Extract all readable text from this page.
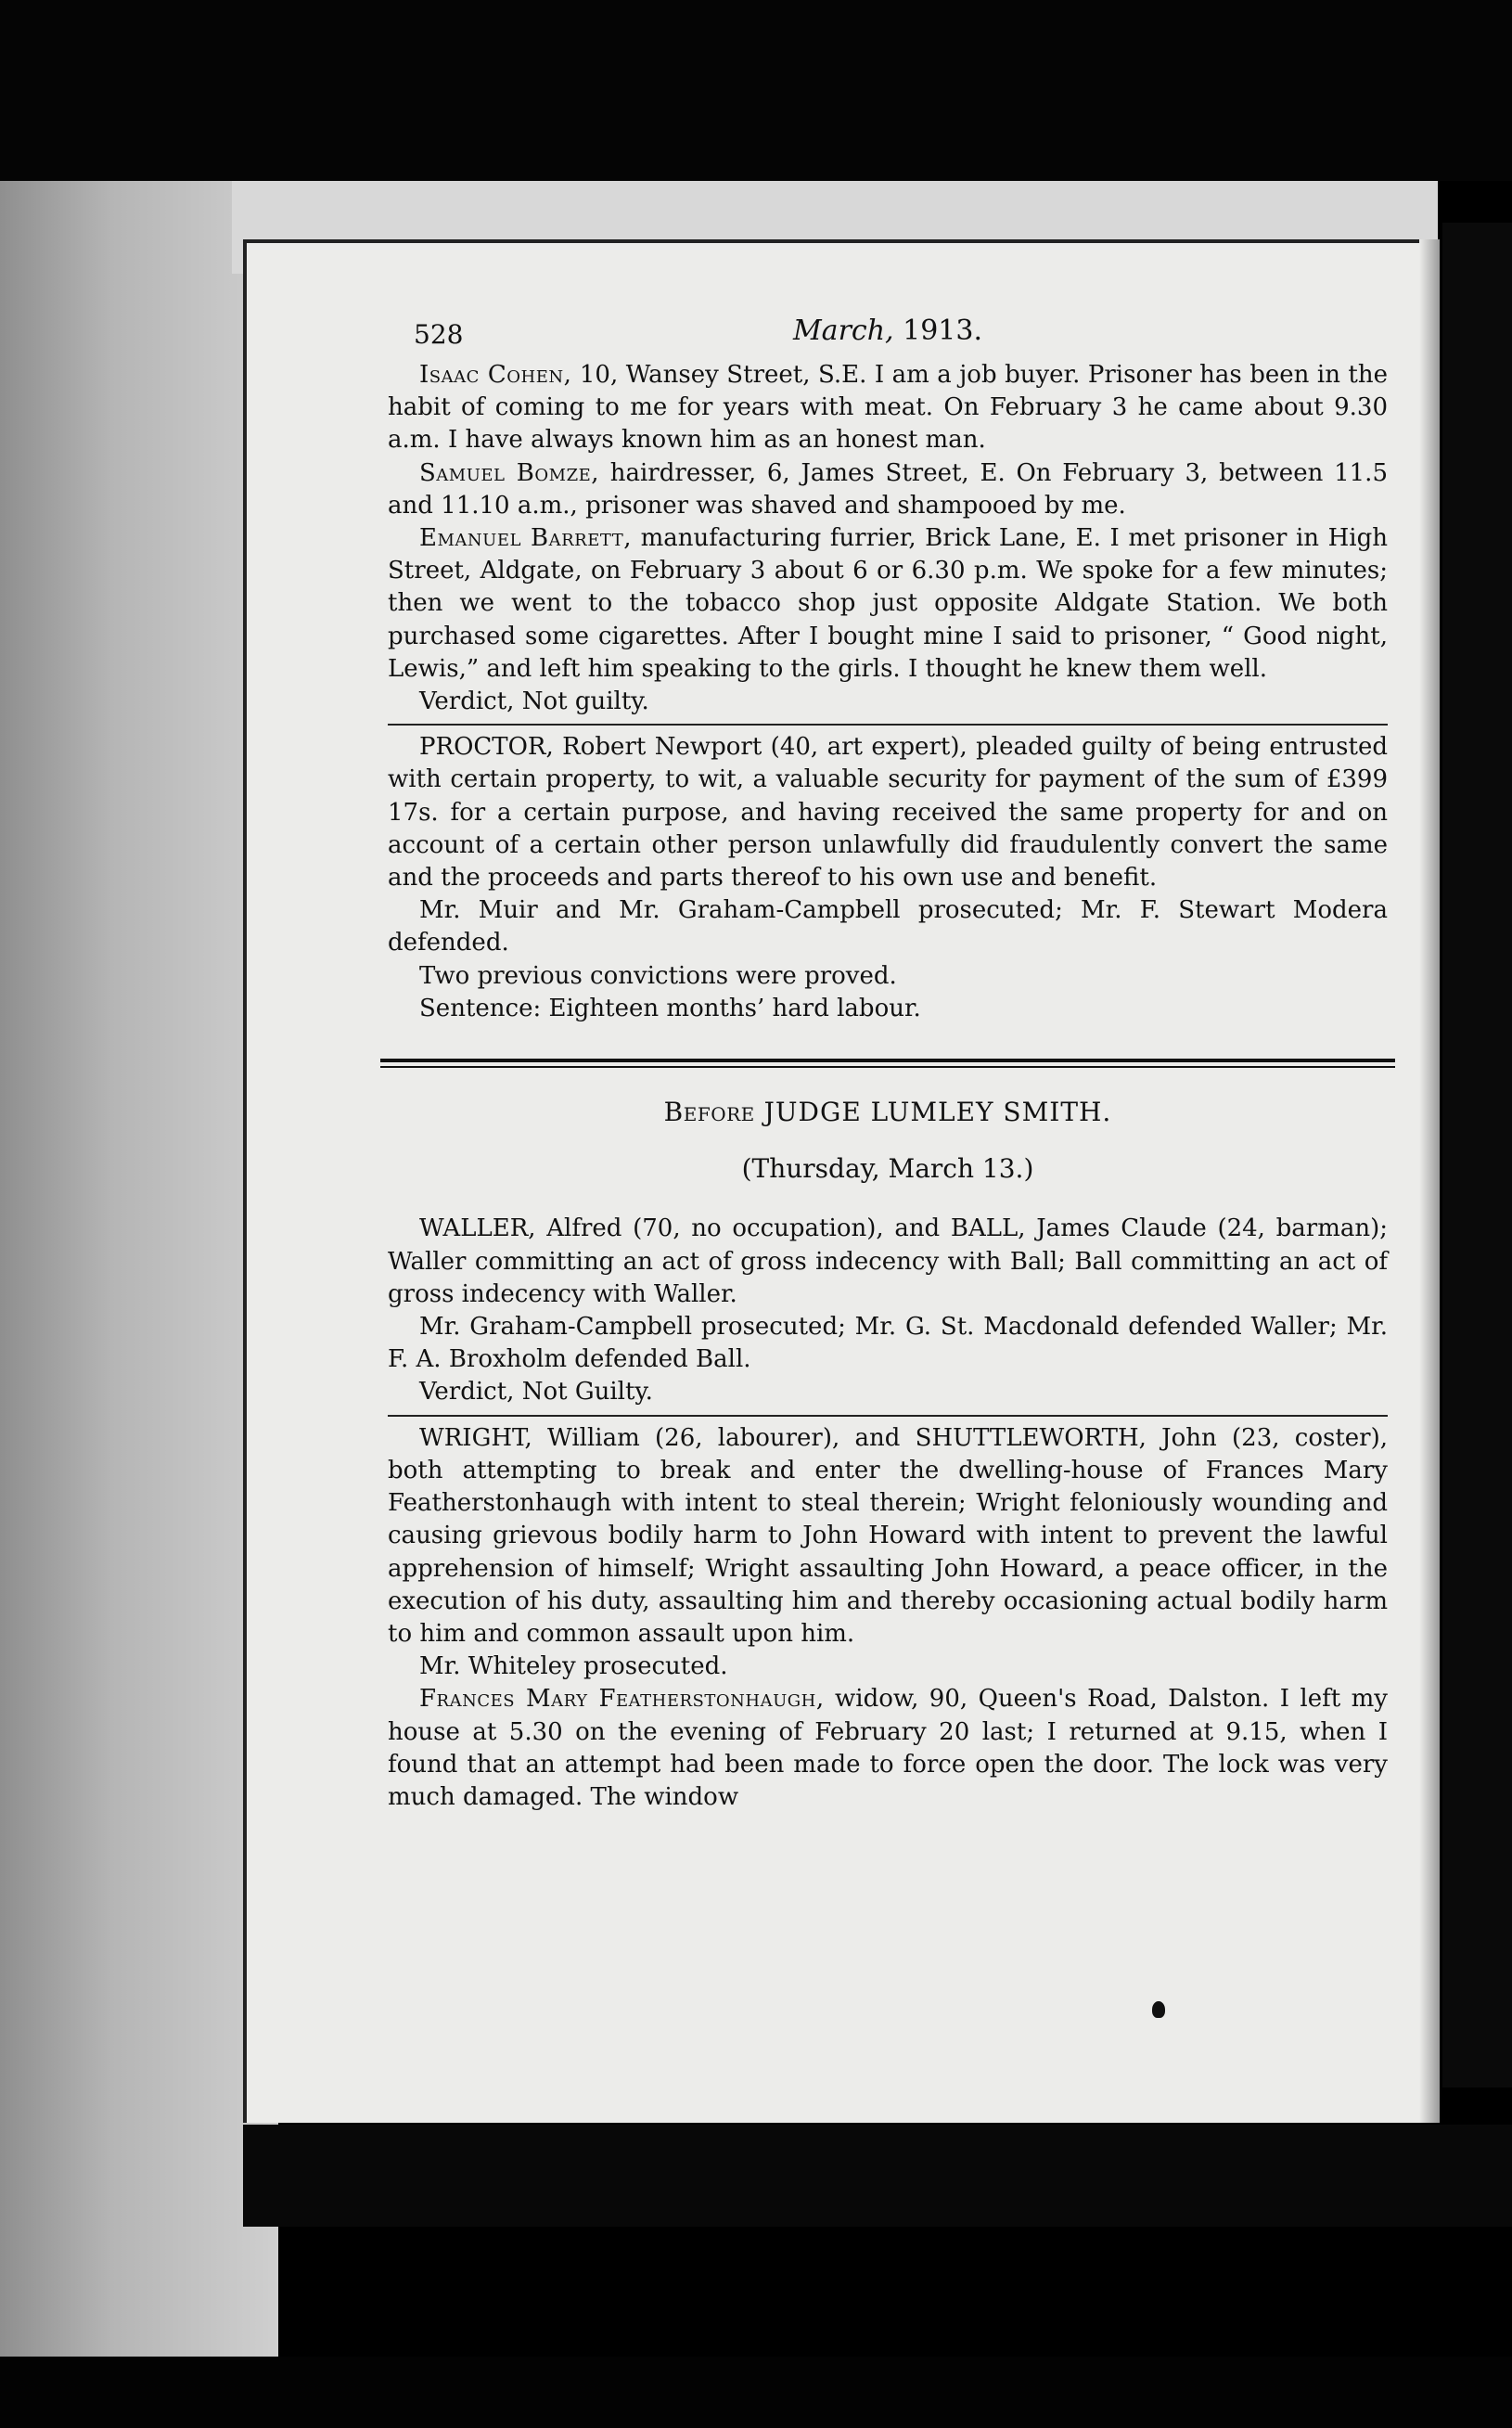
528	March, 1913.

Isaac Cohen, 10, Wansey Street, S.E. I am a job buyer. Prisoner has been in the habit of coming to me for years with meat. On February 3 he came about 9.30 a.m. I have always known him as an honest man.

Samuel Bomze, hairdresser, 6, James Street, E. On February 3, between 11.5 and 11.10 a.m., prisoner was shaved and shampooed by me.

Emanuel Barrett, manufacturing furrier, Brick Lane, E. I met prisoner in High Street, Aldgate, on February 3 about 6 or 6.30 p.m. We spoke for a few minutes; then we went to the tobacco shop just opposite Aldgate Station. We both purchased some cigarettes. After I bought mine I said to prisoner, “ Good night, Lewis,” and left him speaking to the girls. I thought he knew them well.

Verdict, Not guilty.

PROCTOR, Robert Newport (40, art expert), pleaded guilty of being entrusted with certain property, to wit, a valuable security for payment of the sum of £399 17s. for a certain purpose, and having received the same property for and on account of a certain other person unlawfully did fraudulently convert the same and the proceeds and parts thereof to his own use and benefit.

Mr. Muir and Mr. Graham-Campbell prosecuted; Mr. F. Stewart Modera defended.

Two previous convictions were proved.

Sentence: Eighteen months’ hard labour.

Before JUDGE LUMLEY SMITH.
(Thursday, March 13.)

WALLER, Alfred (70, no occupation), and BALL, James Claude (24, barman); Waller committing an act of gross indecency with Ball; Ball committing an act of gross indecency with Waller.

Mr. Graham-Campbell prosecuted; Mr. G. St. Macdonald defended Waller; Mr. F. A. Broxholm defended Ball.

Verdict, Not Guilty.

WRIGHT, William (26, labourer), and SHUTTLEWORTH, John (23, coster), both attempting to break and enter the dwelling-house of Frances Mary Featherstonhaugh with intent to steal therein; Wright feloniously wounding and causing grievous bodily harm to John Howard with intent to prevent the lawful apprehension of himself; Wright assaulting John Howard, a peace officer, in the execution of his duty, assaulting him and thereby occasioning actual bodily harm to him and common assault upon him.

Mr. Whiteley prosecuted.

Frances Mary Featherstonhaugh, widow, 90, Queen's Road, Dalston. I left my house at 5.30 on the evening of February 20 last; I returned at 9.15, when I found that an attempt had been made to force open the door. The lock was very much damaged. The window
